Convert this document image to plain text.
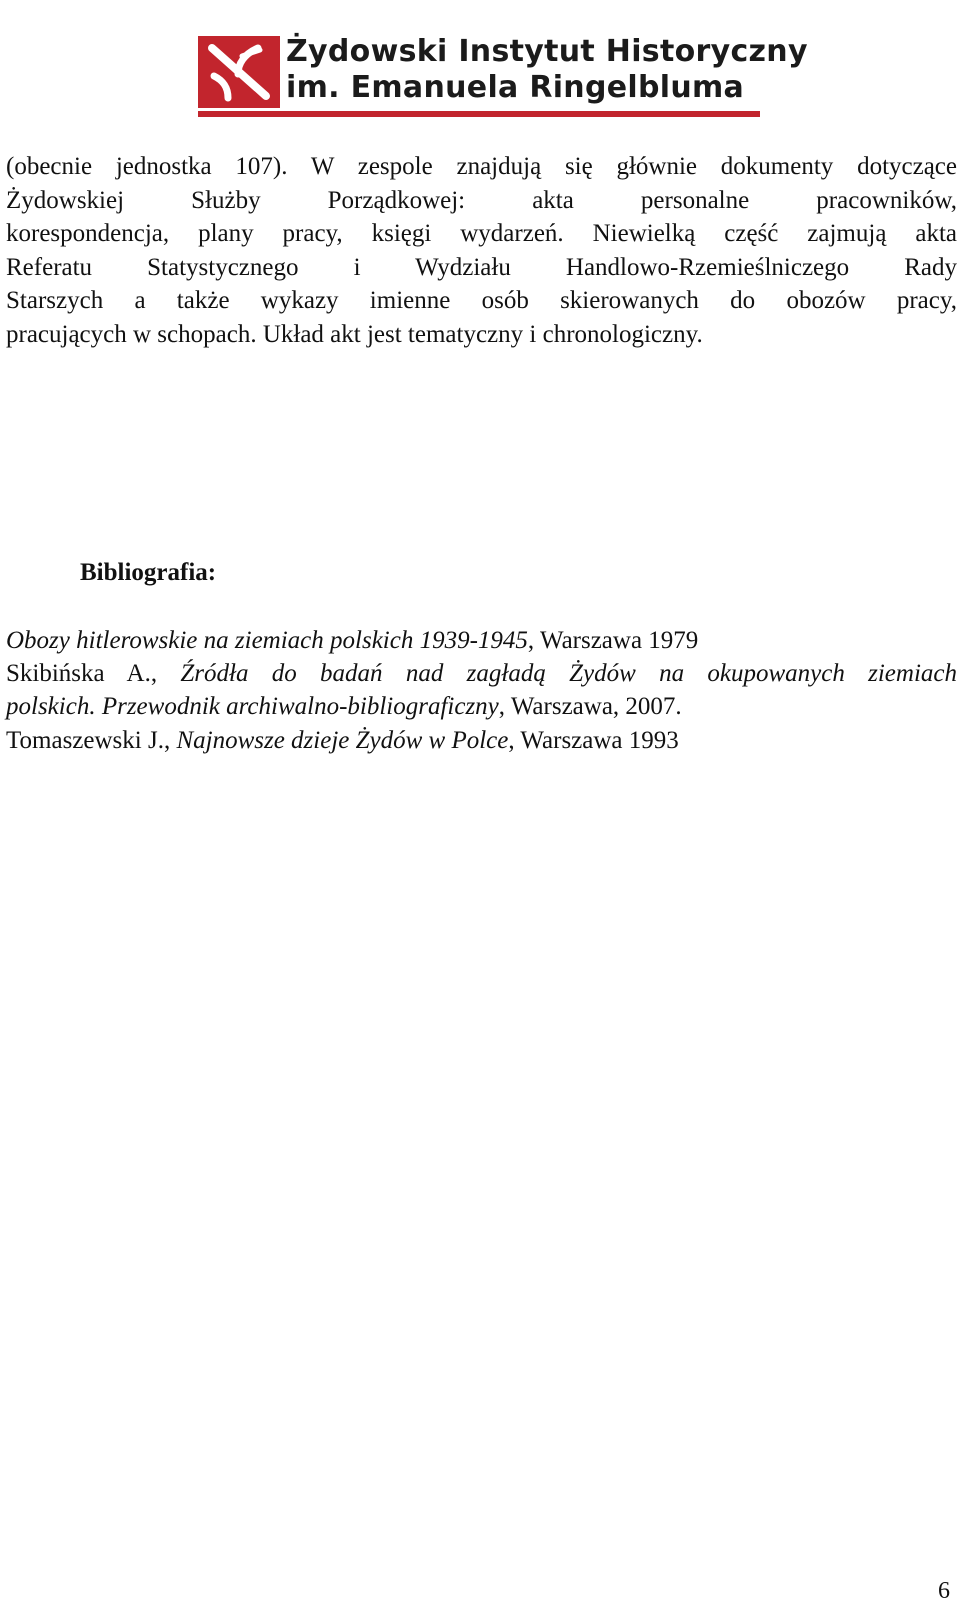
Żydowski Instytut Historyczny
im. Emanuela Ringelbluma

(obecnie jednostka 107). W zespole znajdują się głównie dokumenty dotyczące
Żydowskiej Służby Porządkowej: akta personalne pracowników,
korespondencja, plany pracy, księgi wydarzeń. Niewielką część zajmują akta
Referatu Statystycznego i Wydziału Handlowo-Rzemieślniczego Rady
Starszych a także wykazy imienne osób skierowanych do obozów pracy,
pracujących w schopach. Układ akt jest tematyczny i chronologiczny.

Bibliografia:
Obozy hitlerowskie na ziemiach polskich 1939-1945, Warszawa 1979
Skibińska A., Źródła do badań nad zagładą Żydów na okupowanych ziemiach
polskich. Przewodnik archiwalno-bibliograficzny, Warszawa, 2007.
Tomaszewski J., Najnowsze dzieje Żydów w Polce, Warszawa 1993
6
